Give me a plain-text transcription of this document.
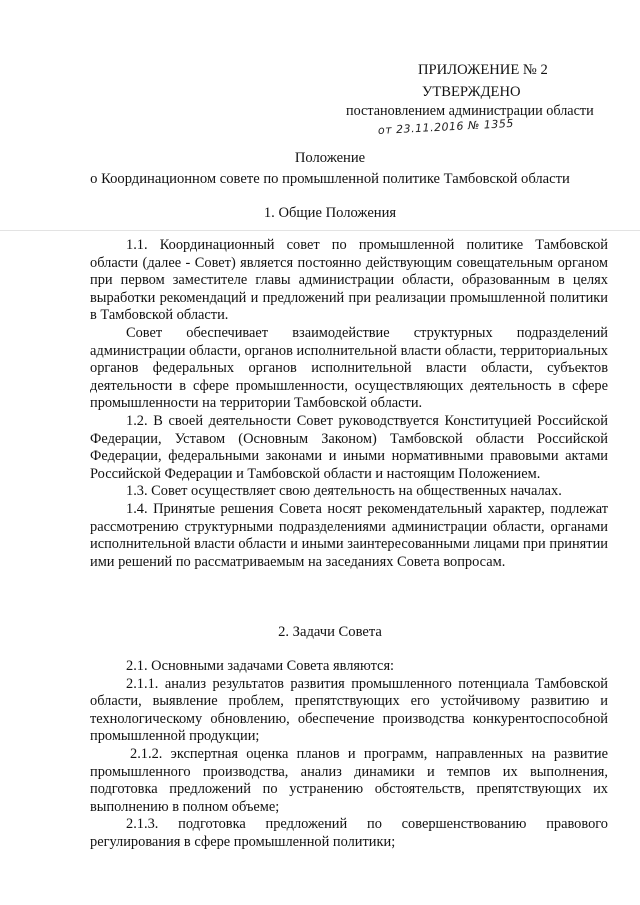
ПРИЛОЖЕНИЕ № 2
УТВЕРЖДЕНО
постановлением администрации области
от 23.11.2016 № 1355
Положение
о Координационном совете по промышленной политике Тамбовской области
1. Общие Положения

1.1. Координационный совет по промышленной политике Тамбовской области (далее - Совет) является постоянно действующим совещательным органом при первом заместителе главы администрации области, образованным в целях выработки рекомендаций и предложений при реализации промышленной политики в Тамбовской области.

Совет обеспечивает взаимодействие структурных подразделений администрации области, органов исполнительной власти области, территориальных органов федеральных органов исполнительной власти области, субъектов деятельности в сфере промышленности, осуществляющих деятельность в сфере промышленности на территории Тамбовской области.

1.2. В своей деятельности Совет руководствуется Конституцией Российской Федерации, Уставом (Основным Законом) Тамбовской области Российской Федерации, федеральными законами и иными нормативными правовыми актами Российской Федерации и Тамбовской области и настоящим Положением.

1.3. Совет осуществляет свою деятельность на общественных началах.

1.4. Принятые решения Совета носят рекомендательный характер, подлежат рассмотрению структурными подразделениями администрации области, органами исполнительной власти области и иными заинтересованными лицами при принятии ими решений по рассматриваемым на заседаниях Совета вопросам.

2. Задачи Совета

2.1. Основными задачами Совета являются:

2.1.1. анализ результатов развития промышленного потенциала Тамбовской области, выявление проблем, препятствующих его устойчивому развитию и технологическому обновлению, обеспечение производства конкурентоспособной промышленной продукции;

2.1.2. экспертная оценка планов и программ, направленных на развитие промышленного производства, анализ динамики и темпов их выполнения, подготовка предложений по устранению обстоятельств, препятствующих их выполнению в полном объеме;

2.1.3. подготовка предложений по совершенствованию правового регулирования в сфере промышленной политики;
